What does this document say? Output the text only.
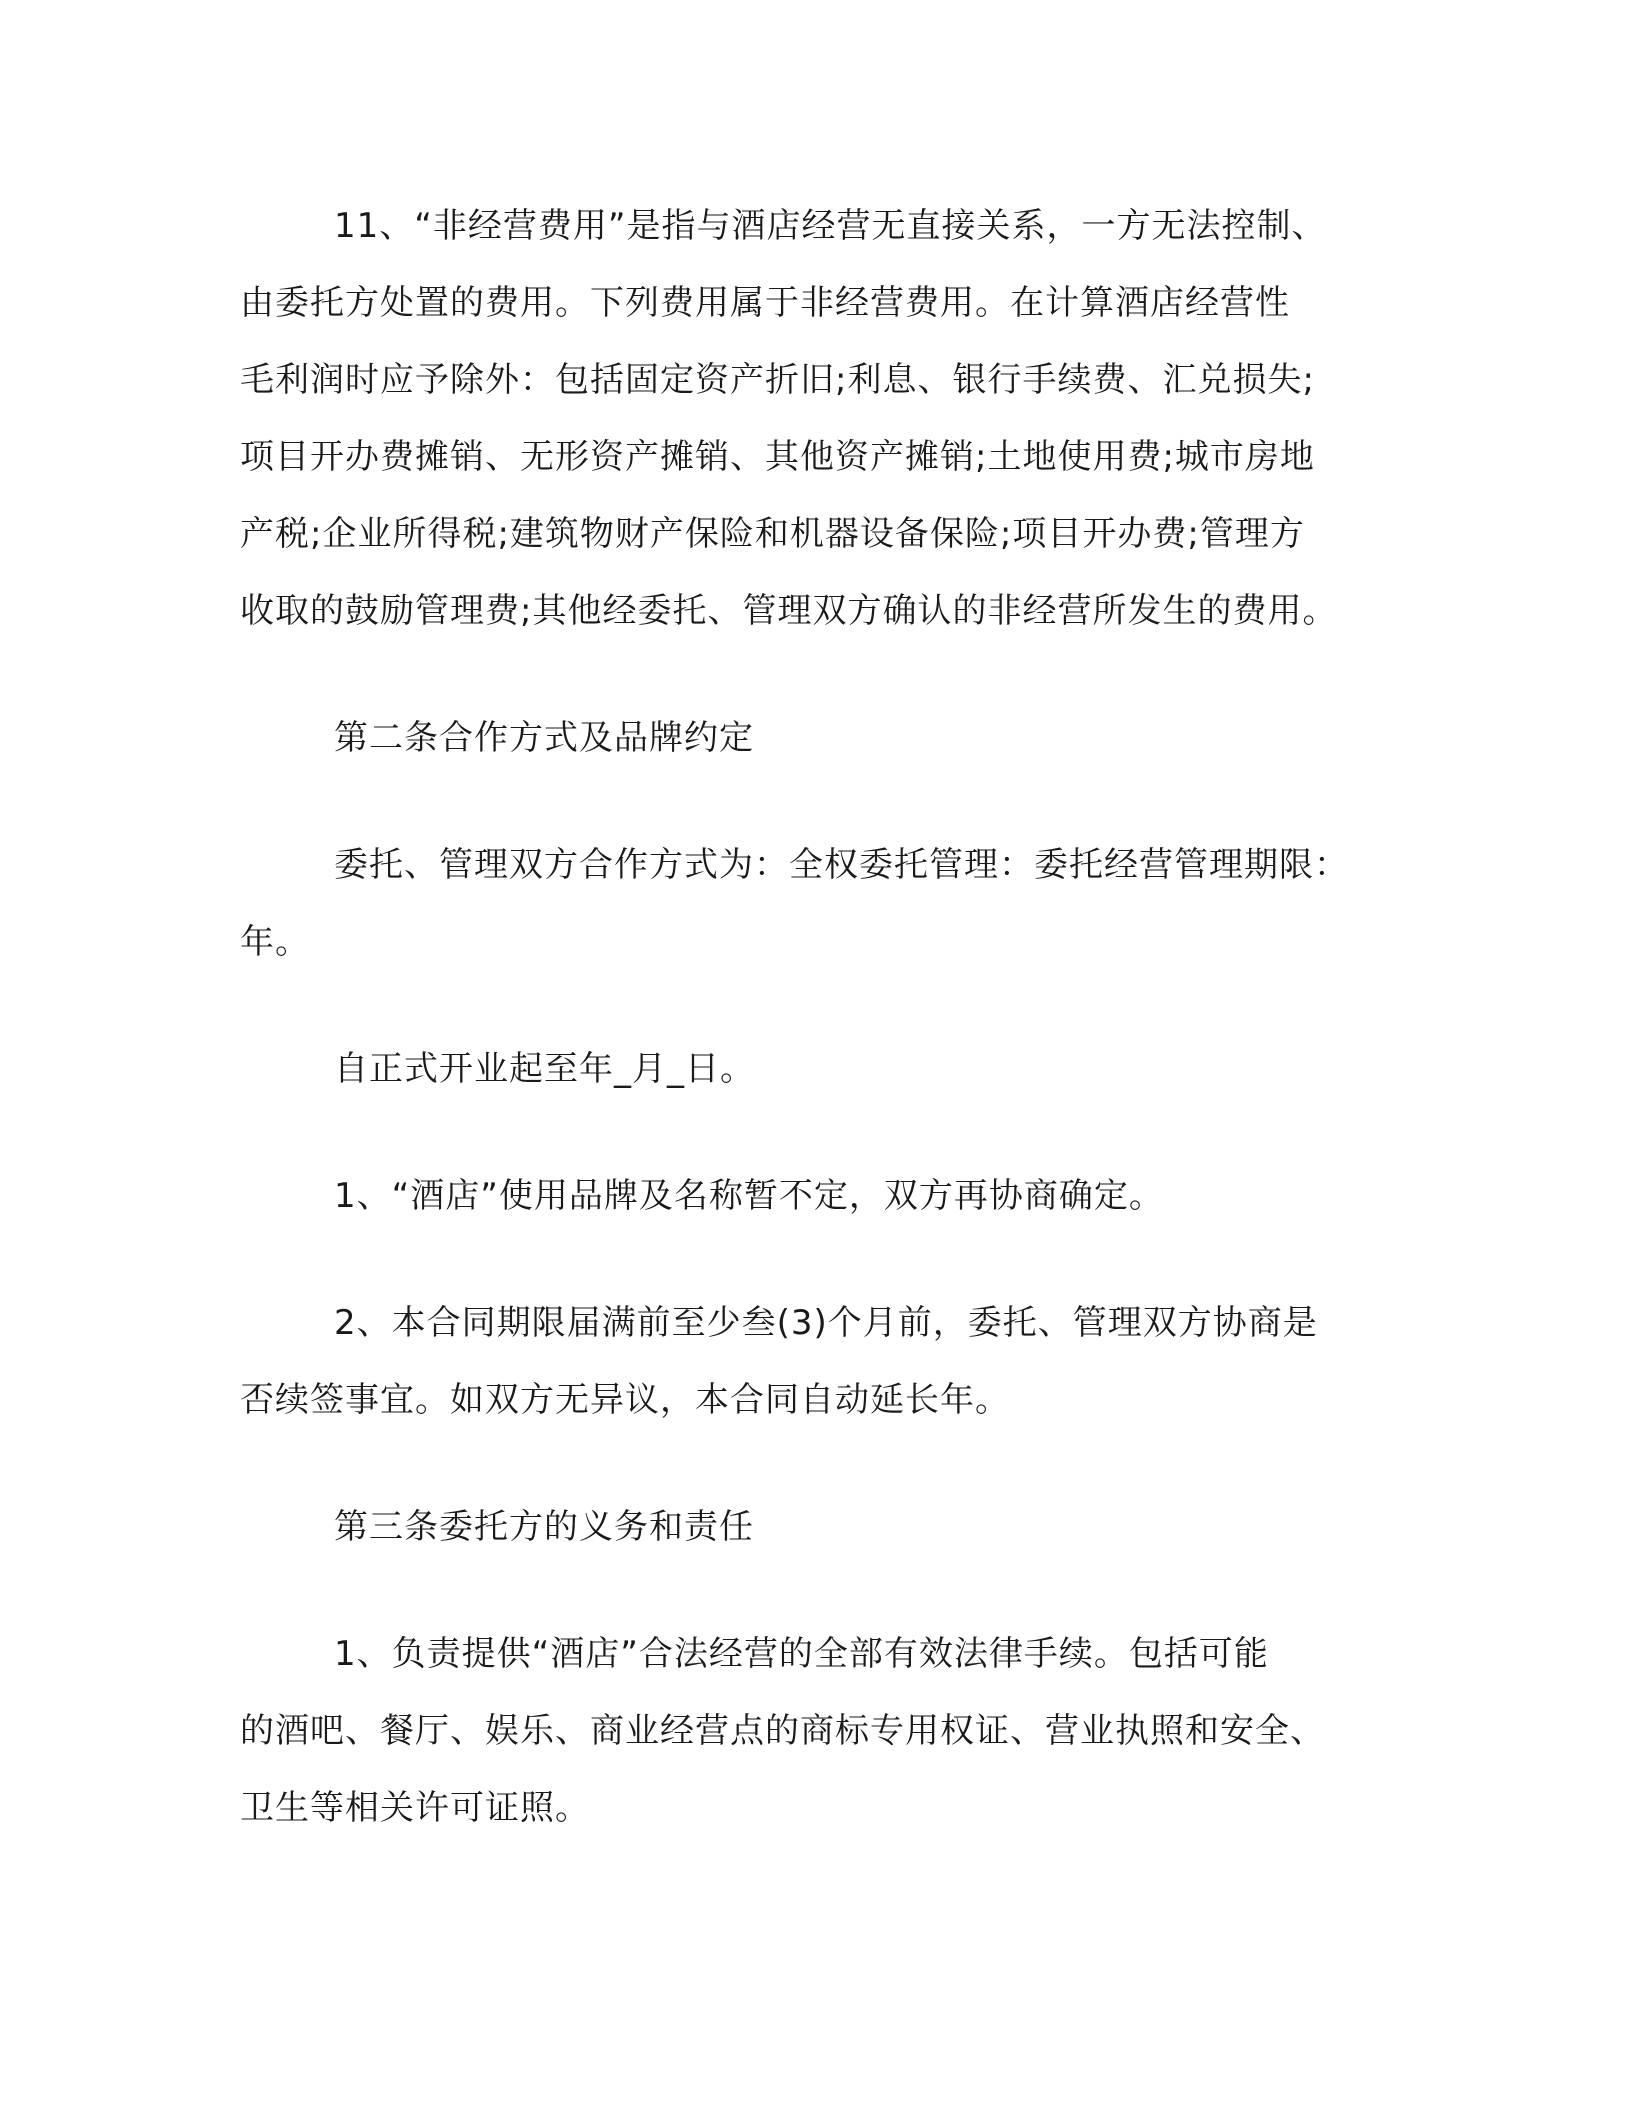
11、“非经营费用”是指与酒店经营无直接关系，一方无法控制、
由委托方处置的费用。下列费用属于非经营费用。在计算酒店经营性
毛利润时应予除外：包括固定资产折旧;利息、银行手续费、汇兑损失;
项目开办费摊销、无形资产摊销、其他资产摊销;土地使用费;城市房地
产税;企业所得税;建筑物财产保险和机器设备保险;项目开办费;管理方
收取的鼓励管理费;其他经委托、管理双方确认的非经营所发生的费用。
第二条合作方式及品牌约定
委托、管理双方合作方式为：全权委托管理：委托经营管理期限：
年。
自正式开业起至年_月_日。
1、“酒店”使用品牌及名称暂不定，双方再协商确定。
2、本合同期限届满前至少叁(3)个月前，委托、管理双方协商是
否续签事宜。如双方无异议，本合同自动延长年。
第三条委托方的义务和责任
1、负责提供“酒店”合法经营的全部有效法律手续。包括可能
的酒吧、餐厅、娱乐、商业经营点的商标专用权证、营业执照和安全、
卫生等相关许可证照。
